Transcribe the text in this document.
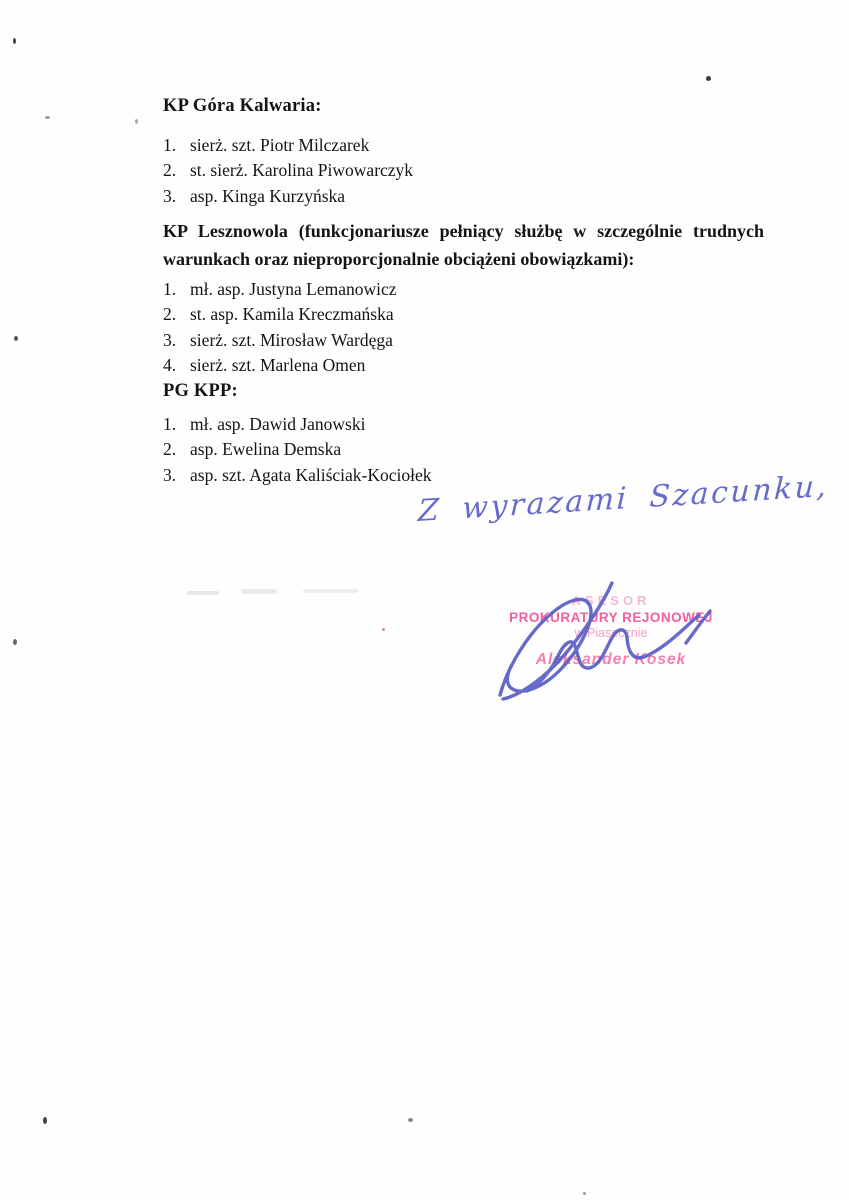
KP Góra Kalwaria:
sierż. szt. Piotr Milczarek
st. sierż. Karolina Piwowarczyk
asp. Kinga Kurzyńska
KP Lesznowola (funkcjonariusze pełniący służbę w szczególnie trudnych
warunkach oraz nieproporcjonalnie obciążeni obowiązkami):
mł. asp. Justyna Lemanowicz
st. asp. Kamila Kreczmańska
sierż. szt. Mirosław Wardęga
sierż. szt. Marlena Omen
PG KPP:
mł. asp. Dawid Janowski
asp. Ewelina Demska
asp. szt. Agata Kaliściak-Kociołek
Z wyrazami Szacunku,
ASESOR
PROKURATURY REJONOWEJ
w Piasecznie
Aleksander Kosek
